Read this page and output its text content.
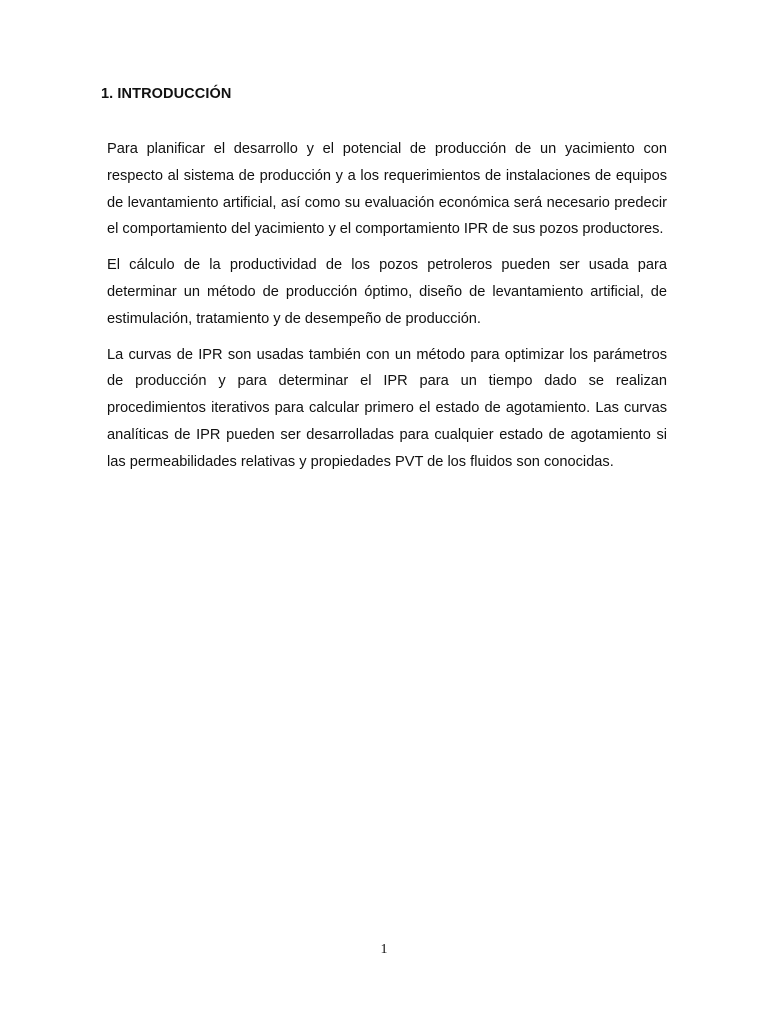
1. INTRODUCCIÓN

Para planificar el desarrollo y el potencial de producción de un yacimiento con respecto al sistema de producción y a los requerimientos de instalaciones de equipos de levantamiento artificial, así como su evaluación económica será necesario predecir el comportamiento del yacimiento y el comportamiento IPR de sus pozos productores.

El cálculo de la productividad de los pozos petroleros pueden ser usada para determinar un método de producción óptimo, diseño de levantamiento artificial, de estimulación, tratamiento y de desempeño de producción.

La curvas de IPR son usadas también con un método para optimizar los parámetros de producción y para determinar el IPR para un tiempo dado se realizan procedimientos iterativos para calcular primero el estado de agotamiento. Las curvas analíticas de IPR pueden ser desarrolladas para cualquier estado de agotamiento si las permeabilidades relativas y propiedades PVT de los fluidos son conocidas.

1
